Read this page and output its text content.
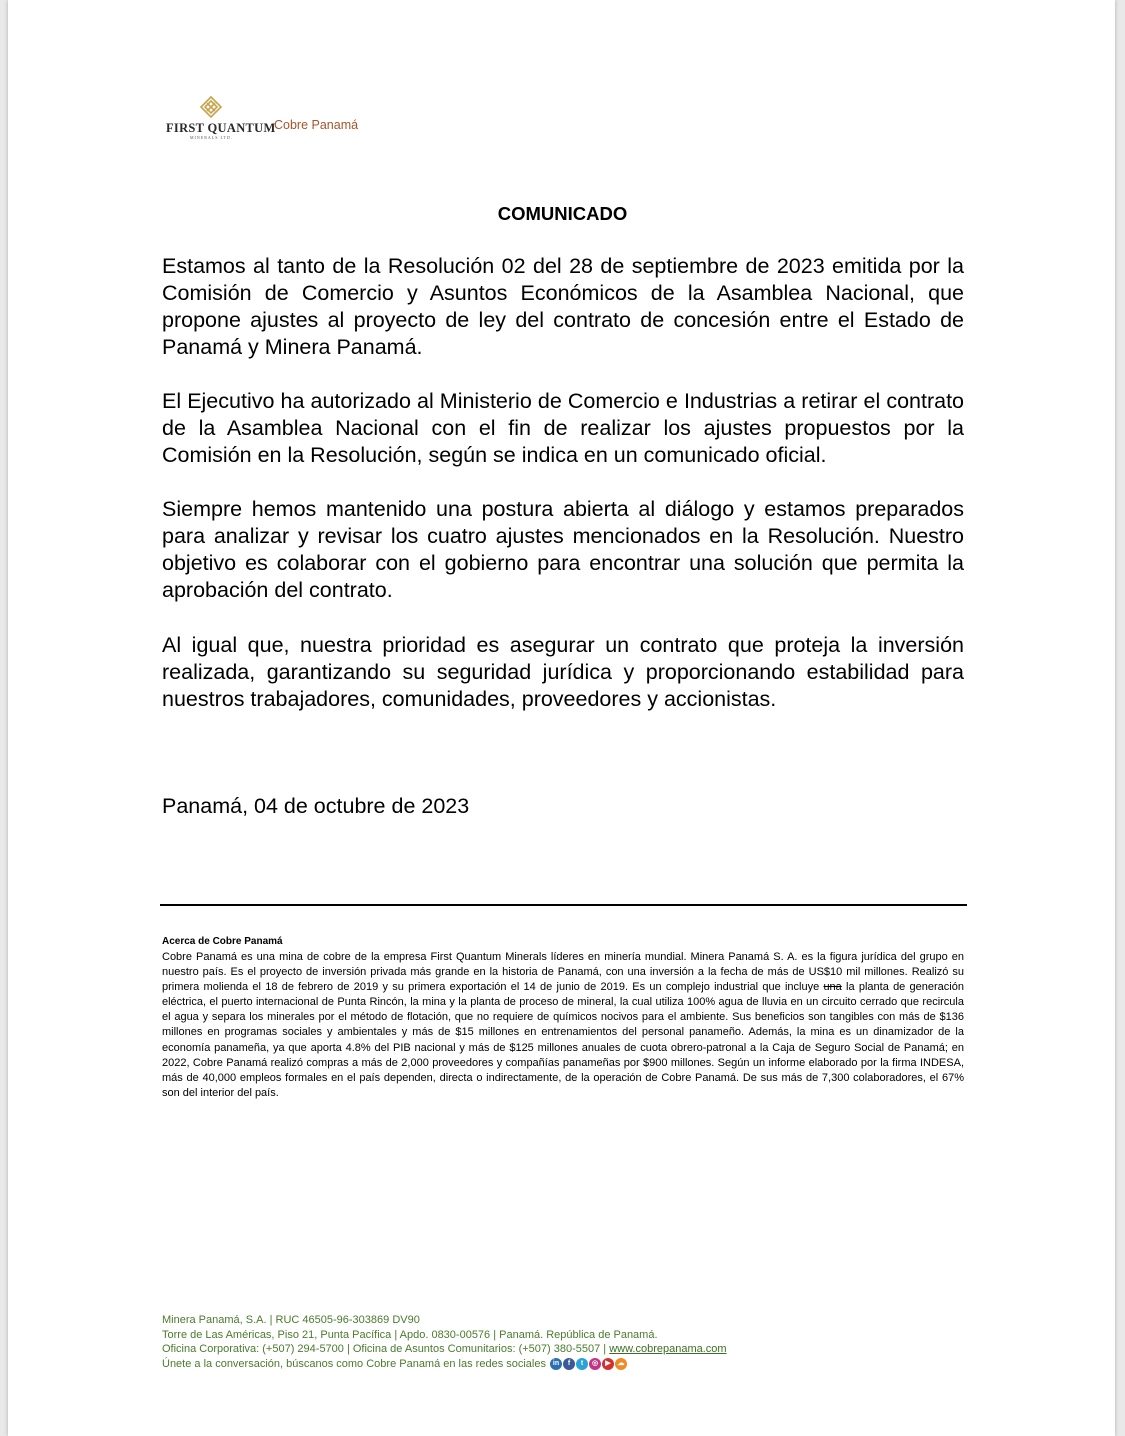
FIRST QUANTUM
MINERALS LTD.
Cobre Panamá
COMUNICADO

Estamos al tanto de la Resolución 02 del 28 de septiembre de 2023 emitida por la Comisión de Comercio y Asuntos Económicos de la Asamblea Nacional, que propone ajustes al proyecto de ley del contrato de concesión entre el Estado de Panamá y Minera Panamá.

El Ejecutivo ha autorizado al Ministerio de Comercio e Industrias a retirar el contrato de la Asamblea Nacional con el fin de realizar los ajustes propuestos por la Comisión en la Resolución, según se indica en un comunicado oficial.

Siempre hemos mantenido una postura abierta al diálogo y estamos preparados para analizar y revisar los cuatro ajustes mencionados en la Resolución. Nuestro objetivo es colaborar con el gobierno para encontrar una solución que permita la aprobación del contrato.

Al igual que, nuestra prioridad es asegurar un contrato que proteja la inversión realizada, garantizando su seguridad jurídica y proporcionando estabilidad para nuestros trabajadores, comunidades, proveedores y accionistas.

Panamá, 04 de octubre de 2023
Acerca de Cobre Panamá

Cobre Panamá es una mina de cobre de la empresa First Quantum Minerals líderes en minería mundial. Minera Panamá S. A. es la figura jurídica del grupo en nuestro país. Es el proyecto de inversión privada más grande en la historia de Panamá, con una inversión a la fecha de más de US$10 mil millones. Realizó su primera molienda el 18 de febrero de 2019 y su primera exportación el 14 de junio de 2019. Es un complejo industrial que incluye una la planta de generación eléctrica, el puerto internacional de Punta Rincón, la mina y la planta de proceso de mineral, la cual utiliza 100% agua de lluvia en un circuito cerrado que recircula el agua y separa los minerales por el método de flotación, que no requiere de químicos nocivos para el ambiente. Sus beneficios son tangibles con más de $136 millones en programas sociales y ambientales y más de $15 millones en entrenamientos del personal panameño. Además, la mina es un dinamizador de la economía panameña, ya que aporta 4.8% del PIB nacional y más de $125 millones anuales de cuota obrero-patronal a la Caja de Seguro Social de Panamá; en 2022, Cobre Panamá realizó compras a más de 2,000 proveedores y compañías panameñas por $900 millones. Según un informe elaborado por la firma INDESA, más de 40,000 empleos formales en el país dependen, directa o indirectamente, de la operación de Cobre Panamá. De sus más de 7,300 colaboradores, el 67% son del interior del país.

Minera Panamá, S.A. | RUC 46505-96-303869 DV90
Torre de Las Américas, Piso 21, Punta Pacífica | Apdo. 0830-00576 | Panamá. República de Panamá.
Oficina Corporativa: (+507) 294-5700 | Oficina de Asuntos Comunitarios: (+507) 380-5507 | www.cobrepanama.com
Únete a la conversación, búscanos como Cobre Panamá en las redes sociales in f t ◎ ▶ ☁
